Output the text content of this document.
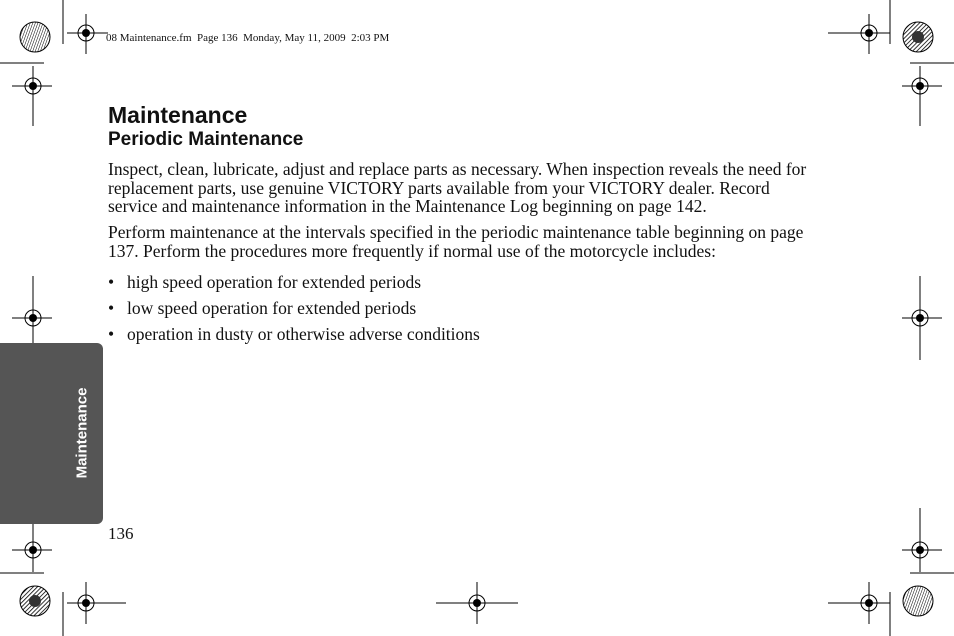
08 Maintenance.fm  Page 136  Monday, May 11, 2009  2:03 PM
Maintenance
Maintenance
Periodic Maintenance

Inspect, clean, lubricate, adjust and replace parts as necessary. When inspection reveals the need for replacement parts, use genuine VICTORY parts available from your VICTORY dealer. Record service and maintenance information in the Maintenance Log beginning on page 142.

Perform maintenance at the intervals specified in the periodic maintenance table beginning on page 137. Perform the procedures more frequently if normal use of the motorcycle includes:

• high speed operation for extended periods
• low speed operation for extended periods
• operation in dusty or otherwise adverse conditions
136
